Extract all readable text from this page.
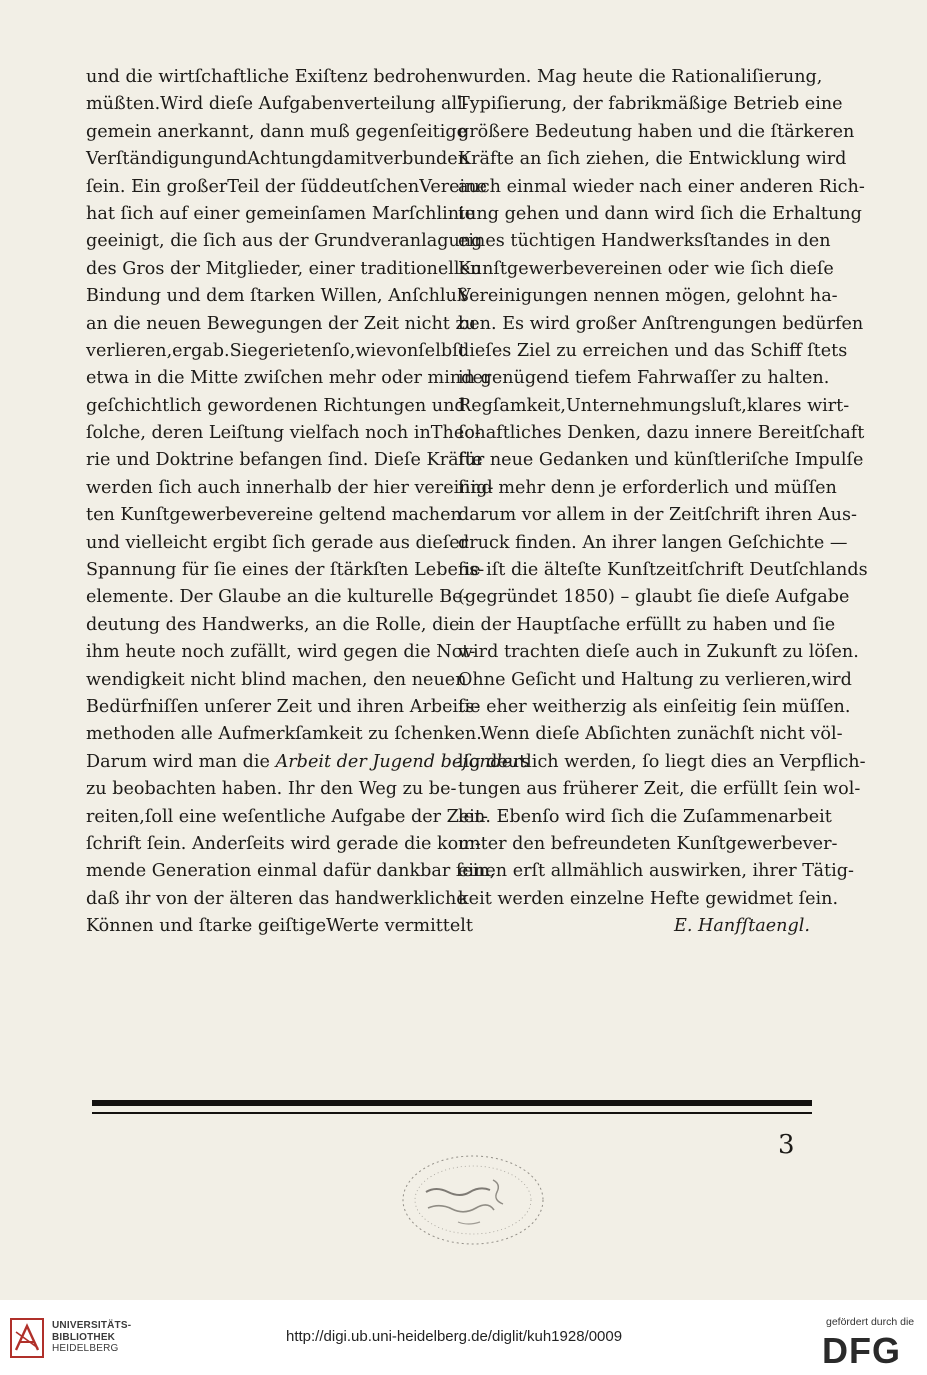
und die wirtſchaftliche Exiſtenz bedrohen
müßten.Wird dieſe Aufgabenverteilung all-
gemein anerkannt, dann muß gegenſeitige
VerſtändigungundAchtungdamitverbunden
ſein. Ein großerTeil der ſüddeutſchenVereine
hat ſich auf einer gemeinſamen Marſchlinie
geeinigt, die ſich aus der Grundveranlagung
des Gros der Mitglieder, einer traditionellen
Bindung und dem ſtarken Willen, Anſchluß
an die neuen Bewegungen der Zeit nicht zu
verlieren,ergab.Siegerietenſo,wievonſelbſt
etwa in die Mitte zwiſchen mehr oder minder
geſchichtlich gewordenen Richtungen und
ſolche, deren Leiſtung vielfach noch inTheo-
rie und Doktrine befangen ſind. Dieſe Kräfte
werden ſich auch innerhalb der hier vereinig-
ten Kunſtgewerbevereine geltend machen
und vielleicht ergibt ſich gerade aus dieſer
Spannung für ſie eines der ſtärkſten Lebens-
elemente. Der Glaube an die kulturelle Be-
deutung des Handwerks, an die Rolle, die
ihm heute noch zufällt, wird gegen die Not-
wendigkeit nicht blind machen, den neuen
Bedürfniſſen unſerer Zeit und ihren Arbeits-
methoden alle Aufmerkſamkeit zu ſchenken.
Darum wird man die Arbeit der Jugend beſonders
zu beobachten haben. Ihr den Weg zu be-
reiten,ſoll eine weſentliche Aufgabe der Zeit-
ſchrift ſein. Anderſeits wird gerade die kom-
mende Generation einmal dafür dankbar ſein,
daß ihr von der älteren das handwerkliche
Können und ſtarke geiſtigeWerte vermittelt
wurden. Mag heute die Rationaliſierung,
Typiſierung, der fabrikmäßige Betrieb eine
größere Bedeutung haben und die ſtärkeren
Kräfte an ſich ziehen, die Entwicklung wird
auch einmal wieder nach einer anderen Rich-
tung gehen und dann wird ſich die Erhaltung
eines tüchtigen Handwerksſtandes in den
Kunſtgewerbevereinen oder wie ſich dieſe
Vereinigungen nennen mögen, gelohnt ha-
ben. Es wird großer Anſtrengungen bedürfen
dieſes Ziel zu erreichen und das Schiff ſtets
in genügend tiefem Fahrwaſſer zu halten.
Regſamkeit,Unternehmungsluſt,klares wirt-
ſchaftliches Denken, dazu innere Bereitſchaft
für neue Gedanken und künſtleriſche Impulſe
ſind mehr denn je erforderlich und müſſen
darum vor allem in der Zeitſchrift ihren Aus-
druck finden. An ihrer langen Geſchichte —
ſie iſt die älteſte Kunſtzeitſchrift Deutſchlands
(gegründet 1850) – glaubt ſie dieſe Aufgabe
in der Hauptſache erfüllt zu haben und ſie
wird trachten dieſe auch in Zukunft zu löſen.
Ohne Geſicht und Haltung zu verlieren,wird
ſie eher weitherzig als einſeitig ſein müſſen.
Wenn dieſe Abſichten zunächſt nicht völ-
lig deutlich werden, ſo liegt dies an Verpflich-
tungen aus früherer Zeit, die erfüllt ſein wol-
len. Ebenſo wird ſich die Zuſammenarbeit
unter den befreundeten Kunſtgewerbever-
einen erſt allmählich auswirken, ihrer Tätig-
keit werden einzelne Hefte gewidmet ſein.
E. Hanfſtaengl.
3
UNIVERSITÄTS-
BIBLIOTHEK
HEIDELBERG
http://digi.ub.uni-heidelberg.de/diglit/kuh1928/0009
gefördert durch die
DFG
